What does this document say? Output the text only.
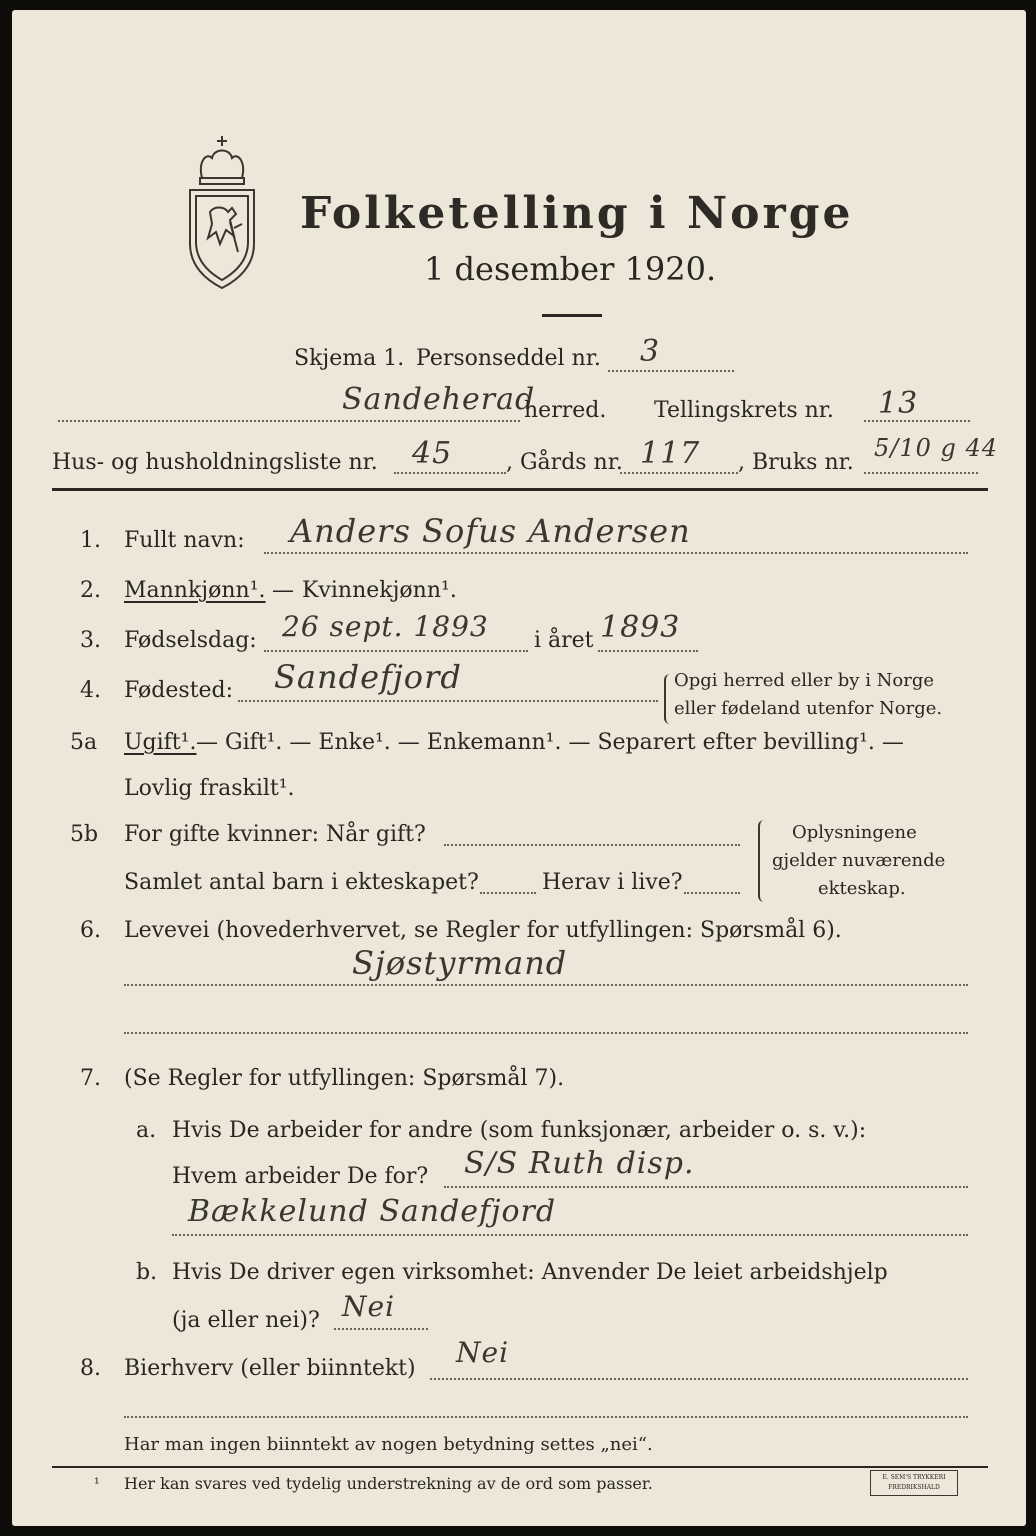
Folketelling i Norge
1 desember 1920.
Skjema 1. Personseddel nr. 3
Sandeherad
herred. Tellingskrets nr. 13
Hus- og husholdningsliste nr. 45 , Gårds nr. 117 , Bruks nr.
5/10 g 44
1. Fullt navn: Anders Sofus Andersen
2. Mannkjønn¹. — Kvinnekjønn¹.
3. Fødselsdag: 26 sept. 1893 i året 1893
4. Fødested: Sandefjord	Opgi herred eller by i Norge
eller fødeland utenfor Norge.
5a Ugift¹. — Gift¹. — Enke¹. — Enkemann¹. — Separert efter bevilling¹. —
Lovlig fraskilt¹.
5b For gifte kvinner: Når gift?
Samlet antal barn i ekteskapet?	Herav i live?
Oplysningene
gjelder nuværende
ekteskap.
6. Levevei (hovederhvervet, se Regler for utfyllingen: Spørsmål 6).
Sjøstyrmand
7. (Se Regler for utfyllingen: Spørsmål 7).
a. Hvis De arbeider for andre (som funksjonær, arbeider o. s. v.):
Hvem arbeider De for? S/S Ruth disp.
Bækkelund Sandefjord
b. Hvis De driver egen virksomhet: Anvender De leiet arbeidshjelp
(ja eller nei)? Nei
8. Bierhverv (eller biinntekt) Nei
Har man ingen biinntekt av nogen betydning settes „nei“.
¹ Her kan svares ved tydelig understrekning av de ord som passer.	E. SEM'S TRYKKERI
FREDRIKSHALD
